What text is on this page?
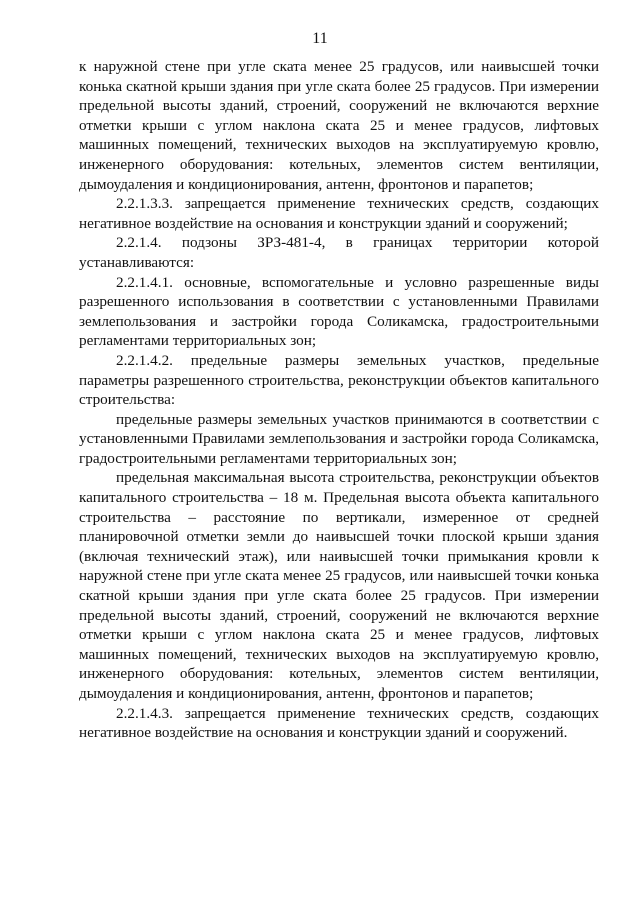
11

к наружной стене при угле ската менее 25 градусов, или наивысшей точки конька скатной крыши здания при угле ската более 25 градусов. При измерении предельной высоты зданий, строений, сооружений не включаются верхние отметки крыши с углом наклона ската 25 и менее градусов, лифтовых машинных помещений, технических выходов на эксплуатируемую кровлю, инженерного оборудования: котельных, элементов систем вентиляции, дымоудаления и кондиционирования, антенн, фронтонов и парапетов;

2.2.1.3.3. запрещается применение технических средств, создающих негативное воздействие на основания и конструкции зданий и сооружений;

2.2.1.4. подзоны ЗРЗ-481-4, в границах территории которой устанавливаются:

2.2.1.4.1. основные, вспомогательные и условно разрешенные виды разрешенного использования в соответствии с установленными Правилами землепользования и застройки города Соликамска, градостроительными регламентами территориальных зон;

2.2.1.4.2. предельные размеры земельных участков, предельные параметры разрешенного строительства, реконструкции объектов капитального строительства:

предельные размеры земельных участков принимаются в соответствии с установленными Правилами землепользования и застройки города Соликамска, градостроительными регламентами территориальных зон;

предельная максимальная высота строительства, реконструкции объектов капитального строительства – 18 м. Предельная высота объекта капитального строительства – расстояние по вертикали, измеренное от средней планировочной отметки земли до наивысшей точки плоской крыши здания (включая технический этаж), или наивысшей точки примыкания кровли к наружной стене при угле ската менее 25 градусов, или наивысшей точки конька скатной крыши здания при угле ската более 25 градусов. При измерении предельной высоты зданий, строений, сооружений не включаются верхние отметки крыши с углом наклона ската 25 и менее градусов, лифтовых машинных помещений, технических выходов на эксплуатируемую кровлю, инженерного оборудования: котельных, элементов систем вентиляции, дымоудаления и кондиционирования, антенн, фронтонов и парапетов;

2.2.1.4.3. запрещается применение технических средств, создающих негативное воздействие на основания и конструкции зданий и сооружений.
